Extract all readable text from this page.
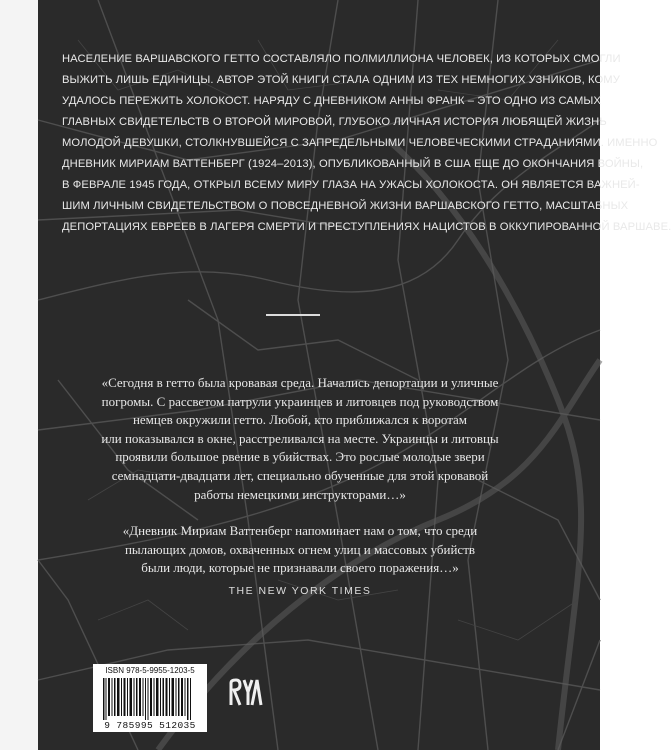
НАСЕЛЕНИЕ ВАРШАВСКОГО ГЕТТО СОСТАВЛЯЛО ПОЛМИЛЛИОНА ЧЕЛОВЕК, ИЗ КОТОРЫХ СМОГЛИ
ВЫЖИТЬ ЛИШЬ ЕДИНИЦЫ. АВТОР ЭТОЙ КНИГИ СТАЛА ОДНИМ ИЗ ТЕХ НЕМНОГИХ УЗНИКОВ, КОМУ
УДАЛОСЬ ПЕРЕЖИТЬ ХОЛОКОСТ. НАРЯДУ С ДНЕВНИКОМ АННЫ ФРАНК – ЭТО ОДНО ИЗ САМЫХ
ГЛАВНЫХ СВИДЕТЕЛЬСТВ О ВТОРОЙ МИРОВОЙ, ГЛУБОКО ЛИЧНАЯ ИСТОРИЯ ЛЮБЯЩЕЙ ЖИЗНЬ
МОЛОДОЙ ДЕВУШКИ, СТОЛКНУВШЕЙСЯ С ЗАПРЕДЕЛЬНЫМИ ЧЕЛОВЕЧЕСКИМИ СТРАДАНИЯМИ. ИМЕННО
ДНЕВНИК МИРИАМ ВАТТЕНБЕРГ (1924–2013), ОПУБЛИКОВАННЫЙ В США ЕЩЕ ДО ОКОНЧАНИЯ ВОЙНЫ,
В ФЕВРАЛЕ 1945 ГОДА, ОТКРЫЛ ВСЕМУ МИРУ ГЛАЗА НА УЖАСЫ ХОЛОКОСТА. ОН ЯВЛЯЕТСЯ ВАЖНЕЙ-
ШИМ ЛИЧНЫМ СВИДЕТЕЛЬСТВОМ О ПОВСЕДНЕВНОЙ ЖИЗНИ ВАРШАВСКОГО ГЕТТО, МАСШТАБНЫХ
ДЕПОРТАЦИЯХ ЕВРЕЕВ В ЛАГЕРЯ СМЕРТИ И ПРЕСТУПЛЕНИЯХ НАЦИСТОВ В ОККУПИРОВАННОЙ ВАРШАВЕ.
«Сегодня в гетто была кровавая среда. Начались депортации и уличные
погромы. С рассветом патрули украинцев и литовцев под руководством
немцев окружили гетто. Любой, кто приближался к воротам
или показывался в окне, расстреливался на месте. Украинцы и литовцы
проявили большое рвение в убийствах. Это рослые молодые звери
семнадцати-двадцати лет, специально обученные для этой кровавой
работы немецкими инструкторами…»
«Дневник Мириам Ваттенберг напоминает нам о том, что среди
пылающих домов, охваченных огнем улиц и массовых убийств
были люди, которые не признавали своего поражения…»
THE NEW YORK TIMES
ISBN 978-5-9955-1203-5
9 785995 512035
